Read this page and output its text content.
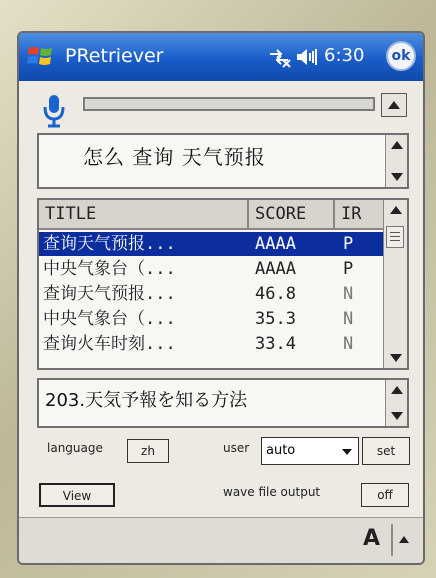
PRetriever	6:30	ok
怎么 查询 天气预报
TITLE	SCORE	IR
查询天气预报...	AAAA	P
中央气象台（...	AAAA	P
查询天气预报...	46.8	N
中央气象台（...	35.3	N
查询火车时刻...	33.4	N
203.天気予報を知る方法
language	zh	user	auto	set
View	wave file output	off
A
